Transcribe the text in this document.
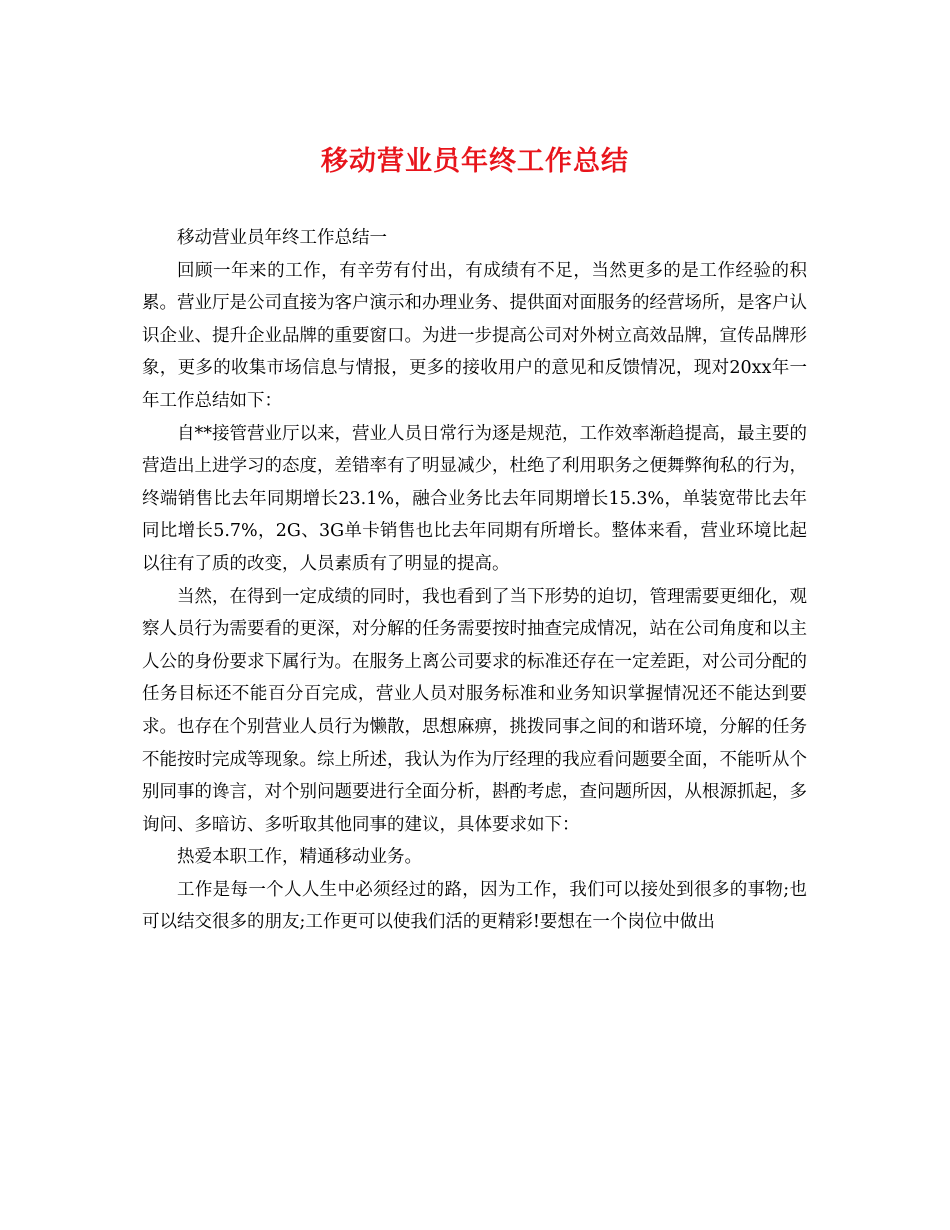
移动营业员年终工作总结

移动营业员年终工作总结一

回顾一年来的工作，有辛劳有付出，有成绩有不足，当然更多的是工作经验的积累。营业厅是公司直接为客户演示和办理业务、提供面对面服务的经营场所，是客户认识企业、提升企业品牌的重要窗口。为进一步提高公司对外树立高效品牌，宣传品牌形象，更多的收集市场信息与情报，更多的接收用户的意见和反馈情况，现对20xx年一年工作总结如下：

自**接管营业厅以来，营业人员日常行为逐是规范，工作效率渐趋提高，最主要的营造出上进学习的态度，差错率有了明显减少，杜绝了利用职务之便舞弊徇私的行为，终端销售比去年同期增长23.1%，融合业务比去年同期增长15.3%，单装宽带比去年同比增长5.7%，2G、3G单卡销售也比去年同期有所增长。整体来看，营业环境比起以往有了质的改变，人员素质有了明显的提高。

当然，在得到一定成绩的同时，我也看到了当下形势的迫切，管理需要更细化，观察人员行为需要看的更深，对分解的任务需要按时抽查完成情况，站在公司角度和以主人公的身份要求下属行为。在服务上离公司要求的标准还存在一定差距，对公司分配的任务目标还不能百分百完成，营业人员对服务标准和业务知识掌握情况还不能达到要求。也存在个别营业人员行为懒散，思想麻痹，挑拨同事之间的和谐环境，分解的任务不能按时完成等现象。综上所述，我认为作为厅经理的我应看问题要全面，不能听从个别同事的谗言，对个别问题要进行全面分析，斟酌考虑，查问题所因，从根源抓起，多询问、多暗访、多听取其他同事的建议，具体要求如下：

热爱本职工作，精通移动业务。

工作是每一个人人生中必须经过的路，因为工作，我们可以接处到很多的事物;也可以结交很多的朋友;工作更可以使我们活的更精彩!要想在一个岗位中做出
